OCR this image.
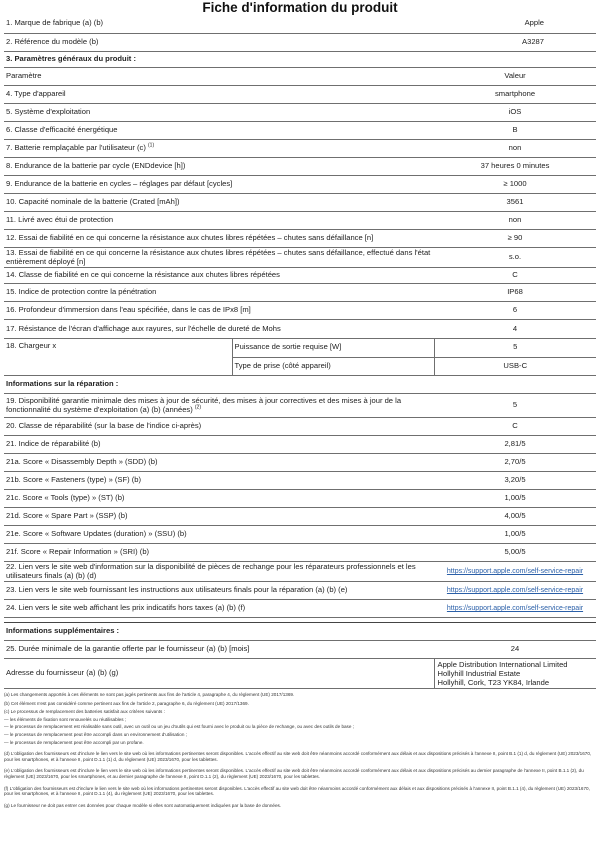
Fiche d'information du produit
1. Marque de fabrique (a) (b)	Apple
2. Référence du modèle (b)	A3287
3. Paramètres généraux du produit :	
Paramètre	Valeur
4. Type d'appareil	smartphone
5. Système d'exploitation	iOS
6. Classe d'efficacité énergétique	B
7. Batterie remplaçable par l'utilisateur (c) $^{(1)}$	non
8. Endurance de la batterie par cycle (ENDdevice [h])	37 heures 0 minutes
9. Endurance de la batterie en cycles – réglages par défaut [cycles]	≥ 1000
10. Capacité nominale de la batterie (Crated [mAh])	3561
11. Livré avec étui de protection	non
12. Essai de fiabilité en ce qui concerne la résistance aux chutes libres répétées – chutes sans défaillance [n]	≥ 90
13. Essai de fiabilité en ce qui concerne la résistance aux chutes libres répétées – chutes sans défaillance, effectué dans l'état entièrement déployé [n]	s.o.
14. Classe de fiabilité en ce qui concerne la résistance aux chutes libres répétées	C
15. Indice de protection contre la pénétration	IP68
16. Profondeur d'immersion dans l'eau spécifiée, dans le cas de IPx8 [m]	6
17. Résistance de l'écran d'affichage aux rayures, sur l'échelle de dureté de Mohs	4
18. Chargeur x	Puissance de sortie requise [W]	5
	Type de prise (côté appareil)	USB-C
Informations sur la réparation :	
19. Disponibilité garantie minimale des mises à jour de sécurité, des mises à jour correctives et des mises à jour de la fonctionnalité du système d'exploitation (a) (b) (années) $^{(2)}$	5
20. Classe de réparabilité (sur la base de l'indice ci-après)	C
21. Indice de réparabilité (b)	2,81/5
21a. Score « Disassembly Depth » (SDD) (b)	2,70/5
21b. Score « Fasteners (type) » (SF) (b)	3,20/5
21c. Score « Tools (type) » (ST) (b)	1,00/5
21d. Score « Spare Part » (SSP) (b)	4,00/5
21e. Score « Software Updates (duration) » (SSU) (b)	1,00/5
21f. Score « Repair Information » (SRI) (b)	5,00/5
22. Lien vers le site web d'information sur la disponibilité de pièces de rechange pour les réparateurs professionnels et les utilisateurs finals (a) (b) (d)	https://support.apple.com/self-service-repair
23. Lien vers le site web fournissant les instructions aux utilisateurs finals pour la réparation (a) (b) (e)	https://support.apple.com/self-service-repair
24. Lien vers le site web affichant les prix indicatifs hors taxes (a) (b) (f)	https://support.apple.com/self-service-repair
Informations supplémentaires :	
25. Durée minimale de la garantie offerte par le fournisseur (a) (b) [mois]	24
Adresse du fournisseur (a) (b) (g)	Apple Distribution International Limited
Hollyhill Industrial Estate
Hollyhill, Cork, T23 YK84, Irlande
(a) Les changements apportés à ces éléments ne sont pas jugés pertinents aux fins de l'article 4, paragraphe 4, du règlement (UE) 2017/1369.
(b) Cet élément n'est pas considéré comme pertinent aux fins de l'article 2, paragraphe 6, du règlement (UE) 2017/1369.
(c) Le processus de remplacement des batteries satisfait aux critères suivants :
— les éléments de fixation sont renouvelés ou réutilisables ;
— le processus de remplacement est réalisable sans outil, avec un outil ou un jeu d'outils qui est fourni avec le produit ou la pièce de rechange, ou avec des outils de base ;
— le processus de remplacement peut être accompli dans un environnement d'utilisation ;
— le processus de remplacement peut être accompli par un profane.
(d) L'obligation des fournisseurs est d'inclure le lien vers le site web où les informations pertinentes seront disponibles. L'accès effectif au site web doit être néanmoins accordé conformément aux délais et aux dispositions précisés à l'annexe II, point B.1 (1) d, du règlement (UE) 2023/1670, pour les smartphones, et à l'annexe II, point D.1.1 (1) d, du règlement (UE) 2023/1670, pour les tablettes.
(e) L'obligation des fournisseurs est d'inclure le lien vers le site web où les informations pertinentes seront disponibles. L'accès effectif au site web doit être néanmoins accordé conformément aux délais et aux dispositions précisés au dernier paragraphe de l'annexe II, point B.1.1 (2), du règlement (UE) 2023/1670, pour les smartphones, et au dernier paragraphe de l'annexe II, point D.1.1 (2), du règlement (UE) 2023/1670, pour les tablettes.
(f) L'obligation des fournisseurs est d'inclure le lien vers le site web où les informations pertinentes seront disponibles. L'accès effectif au site web doit être néanmoins accordé conformément aux délais et aux dispositions précisés à l'annexe II, point B.1.1 (4), du règlement (UE) 2023/1670, pour les smartphones, et à l'annexe II, point D.1.1 (4), du règlement (UE) 2023/1670, pour les tablettes.
(g) Le fournisseur ne doit pas entrer ces données pour chaque modèle si elles sont automatiquement indiquées par la base de données.
